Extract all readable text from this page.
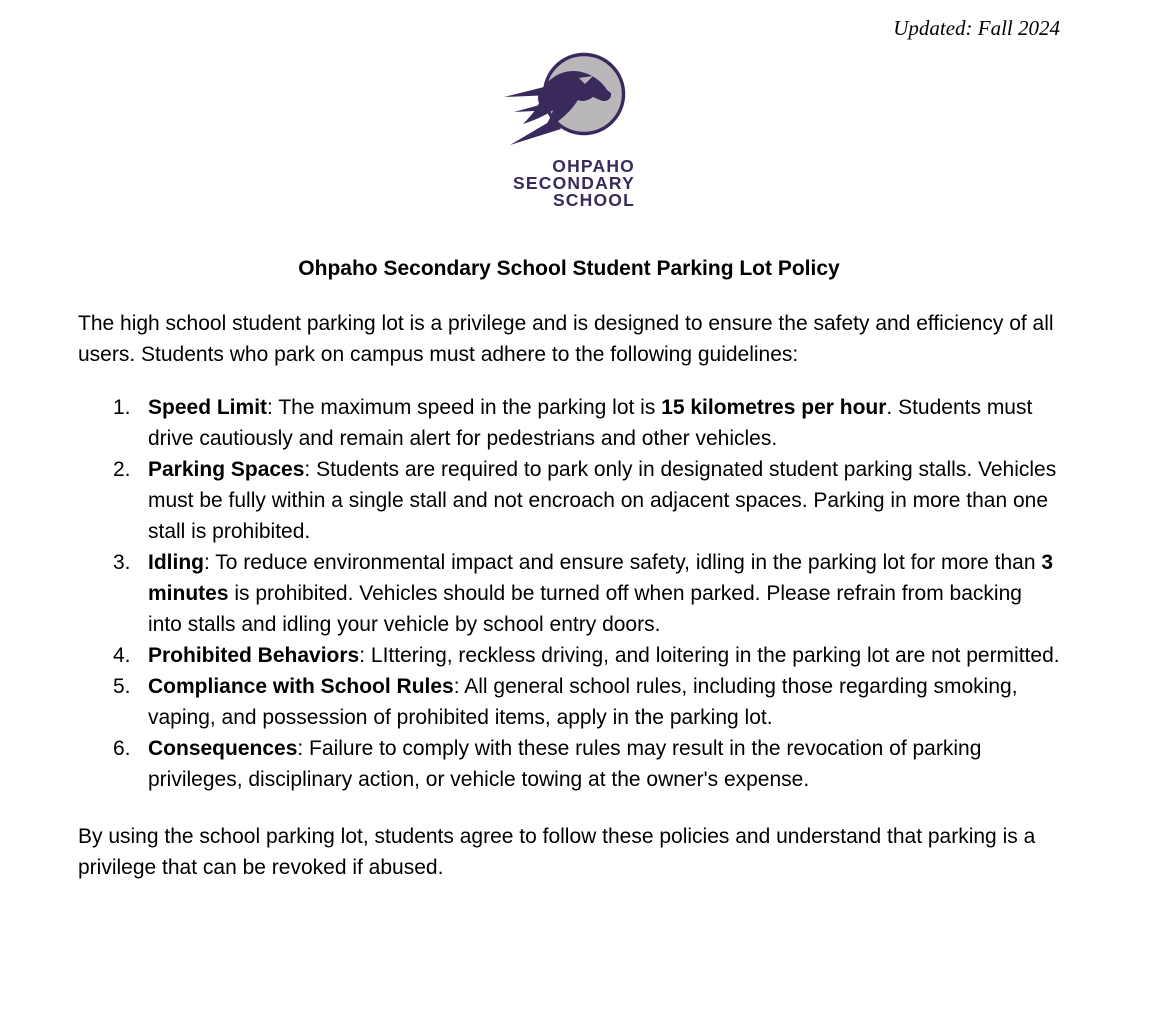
Updated: Fall 2024
OHPAHO
SECONDARY
SCHOOL
Ohpaho Secondary School Student Parking Lot Policy
The high school student parking lot is a privilege and is designed to ensure the safety and efficiency of all users. Students who park on campus must adhere to the following guidelines:
1. Speed Limit: The maximum speed in the parking lot is 15 kilometres per hour. Students must drive cautiously and remain alert for pedestrians and other vehicles.
2. Parking Spaces: Students are required to park only in designated student parking stalls. Vehicles must be fully within a single stall and not encroach on adjacent spaces. Parking in more than one stall is prohibited.
3. Idling: To reduce environmental impact and ensure safety, idling in the parking lot for more than 3 minutes is prohibited. Vehicles should be turned off when parked. Please refrain from backing into stalls and idling your vehicle by school entry doors.
4. Prohibited Behaviors: LIttering, reckless driving, and loitering in the parking lot are not permitted.
5. Compliance with School Rules: All general school rules, including those regarding smoking, vaping, and possession of prohibited items, apply in the parking lot.
6. Consequences: Failure to comply with these rules may result in the revocation of parking privileges, disciplinary action, or vehicle towing at the owner's expense.
By using the school parking lot, students agree to follow these policies and understand that parking is a privilege that can be revoked if abused.
